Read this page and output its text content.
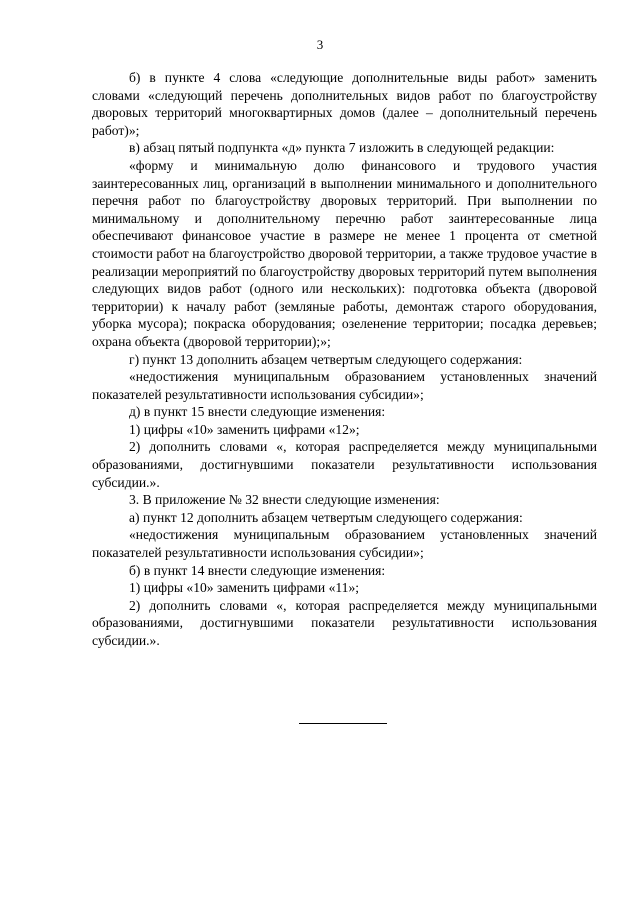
3

б) в пункте 4 слова «следующие дополнительные виды работ» заменить словами «следующий перечень дополнительных видов работ по благоустройству дворовых территорий многоквартирных домов (далее – дополнительный перечень работ)»;

в) абзац пятый подпункта «д» пункта 7 изложить в следующей редакции:

«форму и минимальную долю финансового и трудового участия заинтересованных лиц, организаций в выполнении минимального и дополнительного перечня работ по благоустройству дворовых территорий. При выполнении по минимальному и дополнительному перечню работ заинтересованные лица обеспечивают финансовое участие в размере не менее 1 процента от сметной стоимости работ на благоустройство дворовой территории, а также трудовое участие в реализации мероприятий по благоустройству дворовых территорий путем выполнения следующих видов работ (одного или нескольких): подготовка объекта (дворовой территории) к началу работ (земляные работы, демонтаж старого оборудования, уборка мусора); покраска оборудования; озеленение территории; посадка деревьев; охрана объекта (дворовой территории);»;

г) пункт 13 дополнить абзацем четвертым следующего содержания:

«недостижения муниципальным образованием установленных значений показателей результативности использования субсидии»;

д) в пункт 15 внести следующие изменения:

1) цифры «10» заменить цифрами «12»;

2) дополнить словами «, которая распределяется между муниципальными образованиями, достигнувшими показатели результативности использования субсидии.».

3. В приложение № 32 внести следующие изменения:

а) пункт 12 дополнить абзацем четвертым следующего содержания:

«недостижения муниципальным образованием установленных значений показателей результативности использования субсидии»;

б) в пункт 14 внести следующие изменения:

1) цифры «10» заменить цифрами «11»;

2) дополнить словами «, которая распределяется между муниципальными образованиями, достигнувшими показатели результативности использования субсидии.».
